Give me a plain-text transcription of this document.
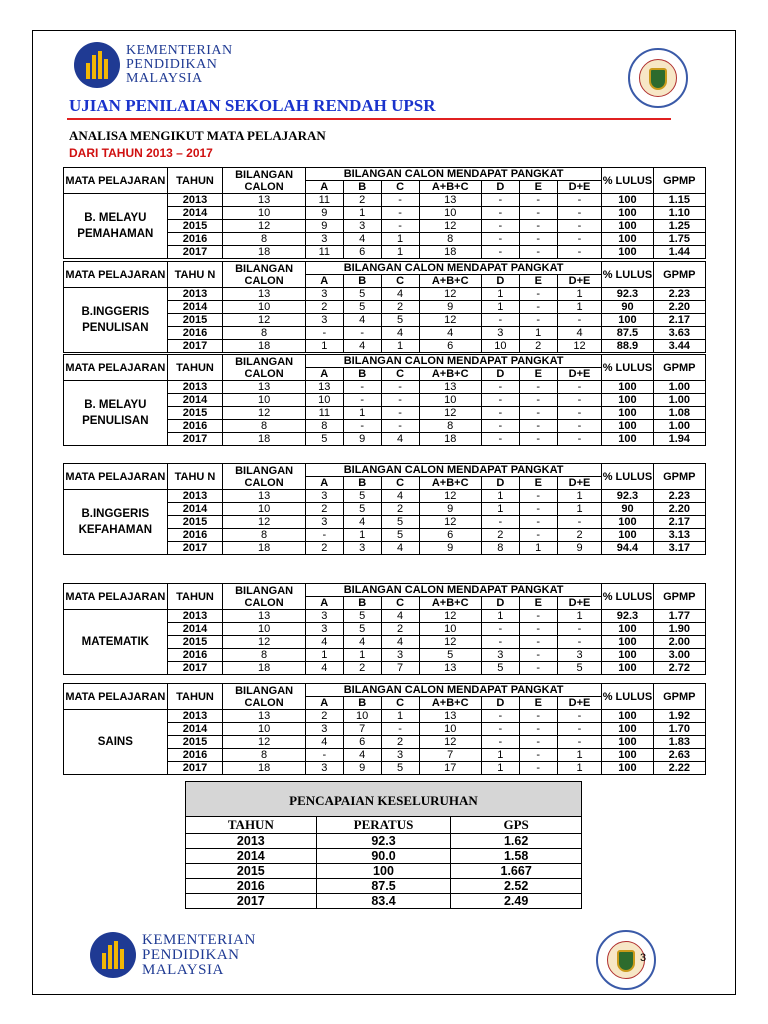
KEMENTERIAN
PENDIDIKAN
MALAYSIA
UJIAN PENILAIAN SEKOLAH RENDAH UPSR
ANALISA MENGIKUT MATA PELAJARAN
DARI TAHUN 2013 – 2017
MATA PELAJARAN	TAHUN	BILANGAN CALON	BILANGAN CALON MENDAPAT PANGKAT							% LULUS	GPMP
			A	B	C	A+B+C	D	E	D+E		
B. MELAYU PEMAHAMAN	2013	13	11	2	-	13	-	-	-	100	1.15
	2014	10	9	1	-	10	-	-	-	100	1.10
	2015	12	9	3	-	12	-	-	-	100	1.25
	2016	8	3	4	1	8	-	-	-	100	1.75
	2017	18	11	6	1	18	-	-	-	100	1.44
MATA PELAJARAN	TAHU N	BILANGAN CALON	BILANGAN CALON MENDAPAT PANGKAT							% LULUS	GPMP
			A	B	C	A+B+C	D	E	D+E		
B.INGGERIS PENULISAN	2013	13	3	5	4	12	1	-	1	92.3	2.23
	2014	10	2	5	2	9	1	-	1	90	2.20
	2015	12	3	4	5	12	-	-	-	100	2.17
	2016	8	-	-	4	4	3	1	4	87.5	3.63
	2017	18	1	4	1	6	10	2	12	88.9	3.44
MATA PELAJARAN	TAHUN	BILANGAN CALON	BILANGAN CALON MENDAPAT PANGKAT							% LULUS	GPMP
			A	B	C	A+B+C	D	E	D+E		
B. MELAYU PENULISAN	2013	13	13	-	-	13	-	-	-	100	1.00
	2014	10	10	-	-	10	-	-	-	100	1.00
	2015	12	11	1	-	12	-	-	-	100	1.08
	2016	8	8	-	-	8	-	-	-	100	1.00
	2017	18	5	9	4	18	-	-	-	100	1.94
MATA PELAJARAN	TAHU N	BILANGAN CALON	BILANGAN CALON MENDAPAT PANGKAT							% LULUS	GPMP
			A	B	C	A+B+C	D	E	D+E		
B.INGGERIS KEFAHAMAN	2013	13	3	5	4	12	1	-	1	92.3	2.23
	2014	10	2	5	2	9	1	-	1	90	2.20
	2015	12	3	4	5	12	-	-	-	100	2.17
	2016	8	-	1	5	6	2	-	2	100	3.13
	2017	18	2	3	4	9	8	1	9	94.4	3.17
MATA PELAJARAN	TAHUN	BILANGAN CALON	BILANGAN CALON MENDAPAT PANGKAT							% LULUS	GPMP
			A	B	C	A+B+C	D	E	D+E		
MATEMATIK	2013	13	3	5	4	12	1	-	1	92.3	1.77
	2014	10	3	5	2	10	-	-	-	100	1.90
	2015	12	4	4	4	12	-	-	-	100	2.00
	2016	8	1	1	3	5	3	-	3	100	3.00
	2017	18	4	2	7	13	5	-	5	100	2.72
MATA PELAJARAN	TAHUN	BILANGAN CALON	BILANGAN CALON MENDAPAT PANGKAT							% LULUS	GPMP
			A	B	C	A+B+C	D	E	D+E		
SAINS	2013	13	2	10	1	13	-	-	-	100	1.92
	2014	10	3	7	-	10	-	-	-	100	1.70
	2015	12	4	6	2	12	-	-	-	100	1.83
	2016	8	-	4	3	7	1	-	1	100	2.63
	2017	18	3	9	5	17	1	-	1	100	2.22
PENCAPAIAN KESELURUHAN		
TAHUN	PERATUS	GPS
2013	92.3	1.62
2014	90.0	1.58
2015	100	1.667
2016	87.5	2.52
2017	83.4	2.49
KEMENTERIAN
PENDIDIKAN
MALAYSIA
3
